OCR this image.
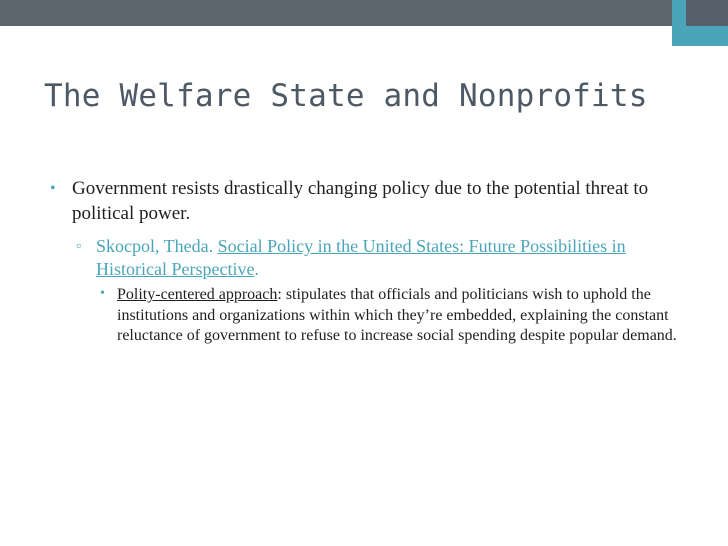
The Welfare State and Nonprofits
• Government resists drastically changing policy due to the potential threat to political power.
▫ Skocpol, Theda. Social Policy in the United States: Future Possibilities in Historical Perspective.
• Polity-centered approach: stipulates that officials and politicians wish to uphold the institutions and organizations within which they’re embedded, explaining the constant reluctance of government to refuse to increase social spending despite popular demand.
